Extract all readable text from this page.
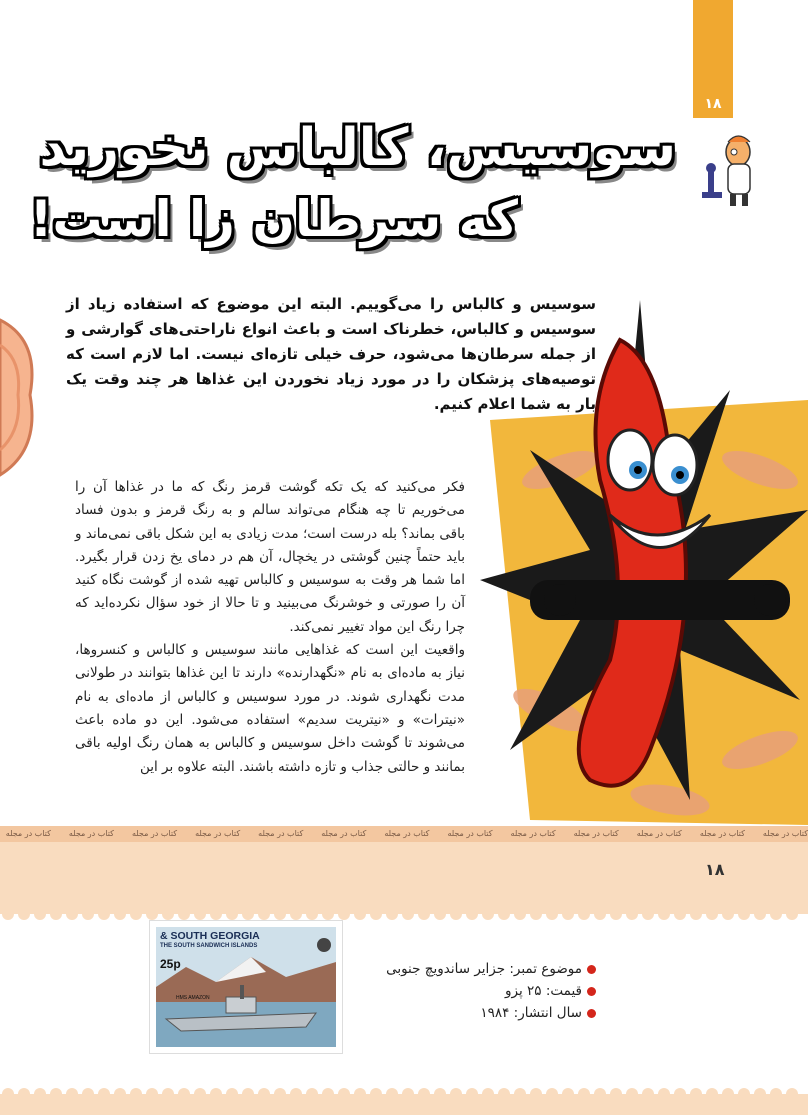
۱۸
سوسیس، کالباس نخورید
که سرطان زا است!
سوسیس و کالباس را می‌گوییم. البته این موضوع که استفاده زیاد از سوسیس و کالباس، خطرناک است و باعث انواع ناراحتی‌های گوارشی و از جمله سرطان‌ها می‌شود، حرف خیلی تازه‌ای نیست. اما لازم است که توصیه‌های پزشکان را در مورد زیاد نخوردن این غذاها هر چند وقت یک بار به شما اعلام کنیم.

فکر می‌کنید که یک تکه گوشت قرمز رنگ که ما در غذاها آن را می‌خوریم تا چه هنگام می‌تواند سالم و به رنگ قرمز و بدون فساد باقی بماند؟ بله درست است؛ مدت زیادی به این شکل باقی نمی‌ماند و باید حتماً چنین گوشتی در یخچال، آن هم در دمای یخ زدن قرار بگیرد. اما شما هر وقت به سوسیس و کالباس تهیه شده از گوشت نگاه کنید آن را صورتی و خوشرنگ می‌بینید و تا حالا از خود سؤال نکرده‌اید که چرا رنگ این مواد تغییر نمی‌کند.

واقعیت این است که غذاهایی مانند سوسیس و کالباس و کنسروها، نیاز به ماده‌ای به نام «نگهدارنده» دارند تا این غذاها بتوانند در طولانی مدت نگهداری شوند. در مورد سوسیس و کالباس از ماده‌ای به نام «نیترات» و «نیتریت سدیم» استفاده می‌شود. این دو ماده باعث می‌شوند تا گوشت داخل سوسیس و کالباس به همان رنگ اولیه باقی بمانند و حالتی جذاب و تازه داشته باشند. البته علاوه بر این

کتاب در مجلهکتاب در مجلهکتاب در مجلهکتاب در مجلهکتاب در مجلهکتاب در مجلهکتاب در مجلهکتاب در مجلهکتاب در مجلهکتاب در مجلهکتاب در مجلهکتاب در مجلهکتاب در مجله
۱۸
SOUTH GEORGIA &
THE SOUTH SANDWICH ISLANDS
25p
HMS AMAZON
موضوع تمبر: جزایر ساندویچ جنوبی
قیمت: ۲۵ پزو
سال انتشار: ۱۹۸۴
